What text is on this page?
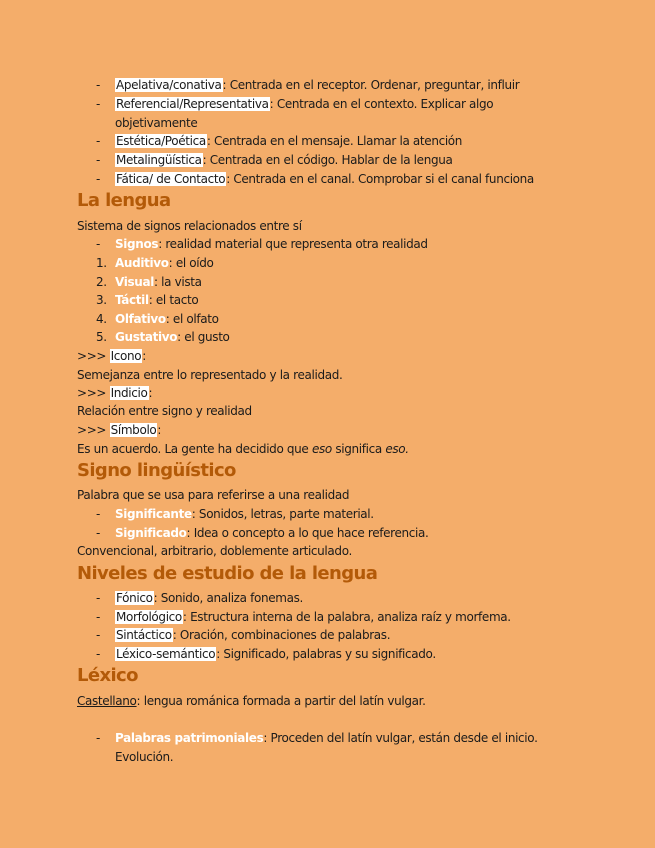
- Apelativa/conativa: Centrada en el receptor. Ordenar, preguntar, influir
- Referencial/Representativa: Centrada en el contexto. Explicar algo
objetivamente
- Estética/Poética: Centrada en el mensaje. Llamar la atención
- Metalingüística: Centrada en el código. Hablar de la lengua
- Fática/ de Contacto: Centrada en el canal. Comprobar si el canal funciona
La lengua
Sistema de signos relacionados entre sí
- Signos: realidad material que representa otra realidad
1. Auditivo: el oído
2. Visual: la vista
3. Táctil: el tacto
4. Olfativo: el olfato
5. Gustativo: el gusto
>>> Icono:
Semejanza entre lo representado y la realidad.
>>> Indicio:
Relación entre signo y realidad
>>> Símbolo:
Es un acuerdo. La gente ha decidido que eso significa eso.
Signo lingüístico
Palabra que se usa para referirse a una realidad
- Significante: Sonidos, letras, parte material.
- Significado: Idea o concepto a lo que hace referencia.
Convencional, arbitrario, doblemente articulado.
Niveles de estudio de la lengua
- Fónico: Sonido, analiza fonemas.
- Morfológico: Estructura interna de la palabra, analiza raíz y morfema.
- Sintáctico: Oración, combinaciones de palabras.
- Léxico-semántico: Significado, palabras y su significado.
Léxico
Castellano: lengua románica formada a partir del latín vulgar.
- Palabras patrimoniales: Proceden del latín vulgar, están desde el inicio.
Evolución.
